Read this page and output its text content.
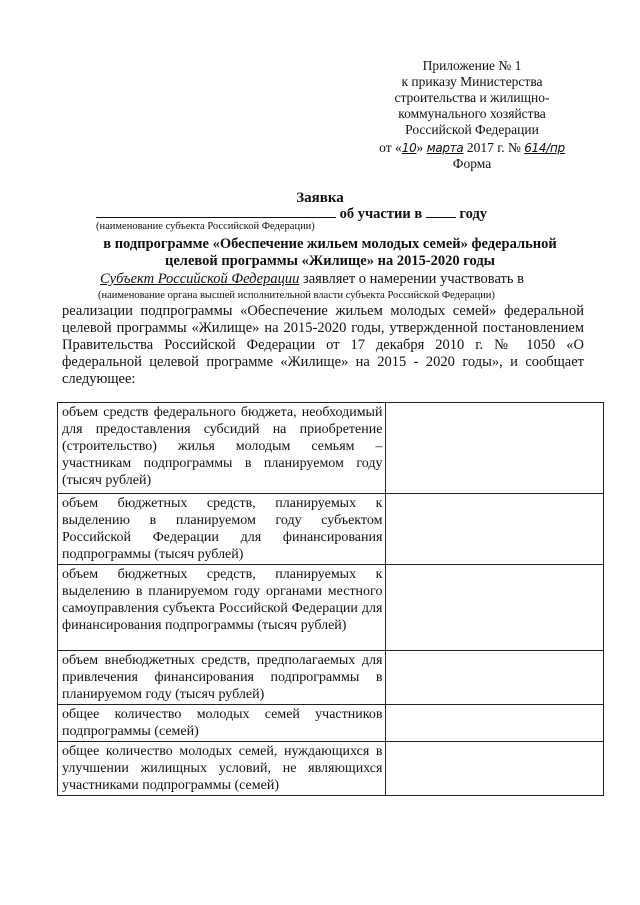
Приложение № 1
к приказу Министерства
строительства и жилищно-
коммунального хозяйства
Российской Федерации
от «10» марта 2017 г. № 614/пр
Форма
Заявка
об участии в	году
(наименование субъекта Российской Федерации)
в подпрограмме «Обеспечение жильем молодых семей» федеральной
целевой программы «Жилище» на 2015-2020 годы
Субъект Российской Федерации заявляет о намерении участвовать в
(наименование органа высшей исполнительной власти субъекта Российской Федерации)
реализации подпрограммы «Обеспечение жильем молодых семей» федеральной целевой программы «Жилище» на 2015-2020 годы, утвержденной постановлением Правительства Российской Федерации от 17 декабря 2010 г. № 1050 «О федеральной целевой программе «Жилище» на 2015 - 2020 годы», и сообщает следующее:
объем средств федерального бюджета, необходимый для предоставления субсидий на приобретение (строительство) жилья молодым семьям – участникам подпрограммы в планируемом году (тысяч рублей)	
объем бюджетных средств, планируемых к выделению в планируемом году субъектом Российской Федерации для финансирования подпрограммы (тысяч рублей)	
объем бюджетных средств, планируемых к выделению в планируемом году органами местного самоуправления субъекта Российской Федерации для финансирования подпрограммы (тысяч рублей)	
объем внебюджетных средств, предполагаемых для привлечения финансирования подпрограммы в планируемом году (тысяч рублей)	
общее количество молодых семей участников подпрограммы (семей)	
общее количество молодых семей, нуждающихся в улучшении жилищных условий, не являющихся участниками подпрограммы (семей)	
